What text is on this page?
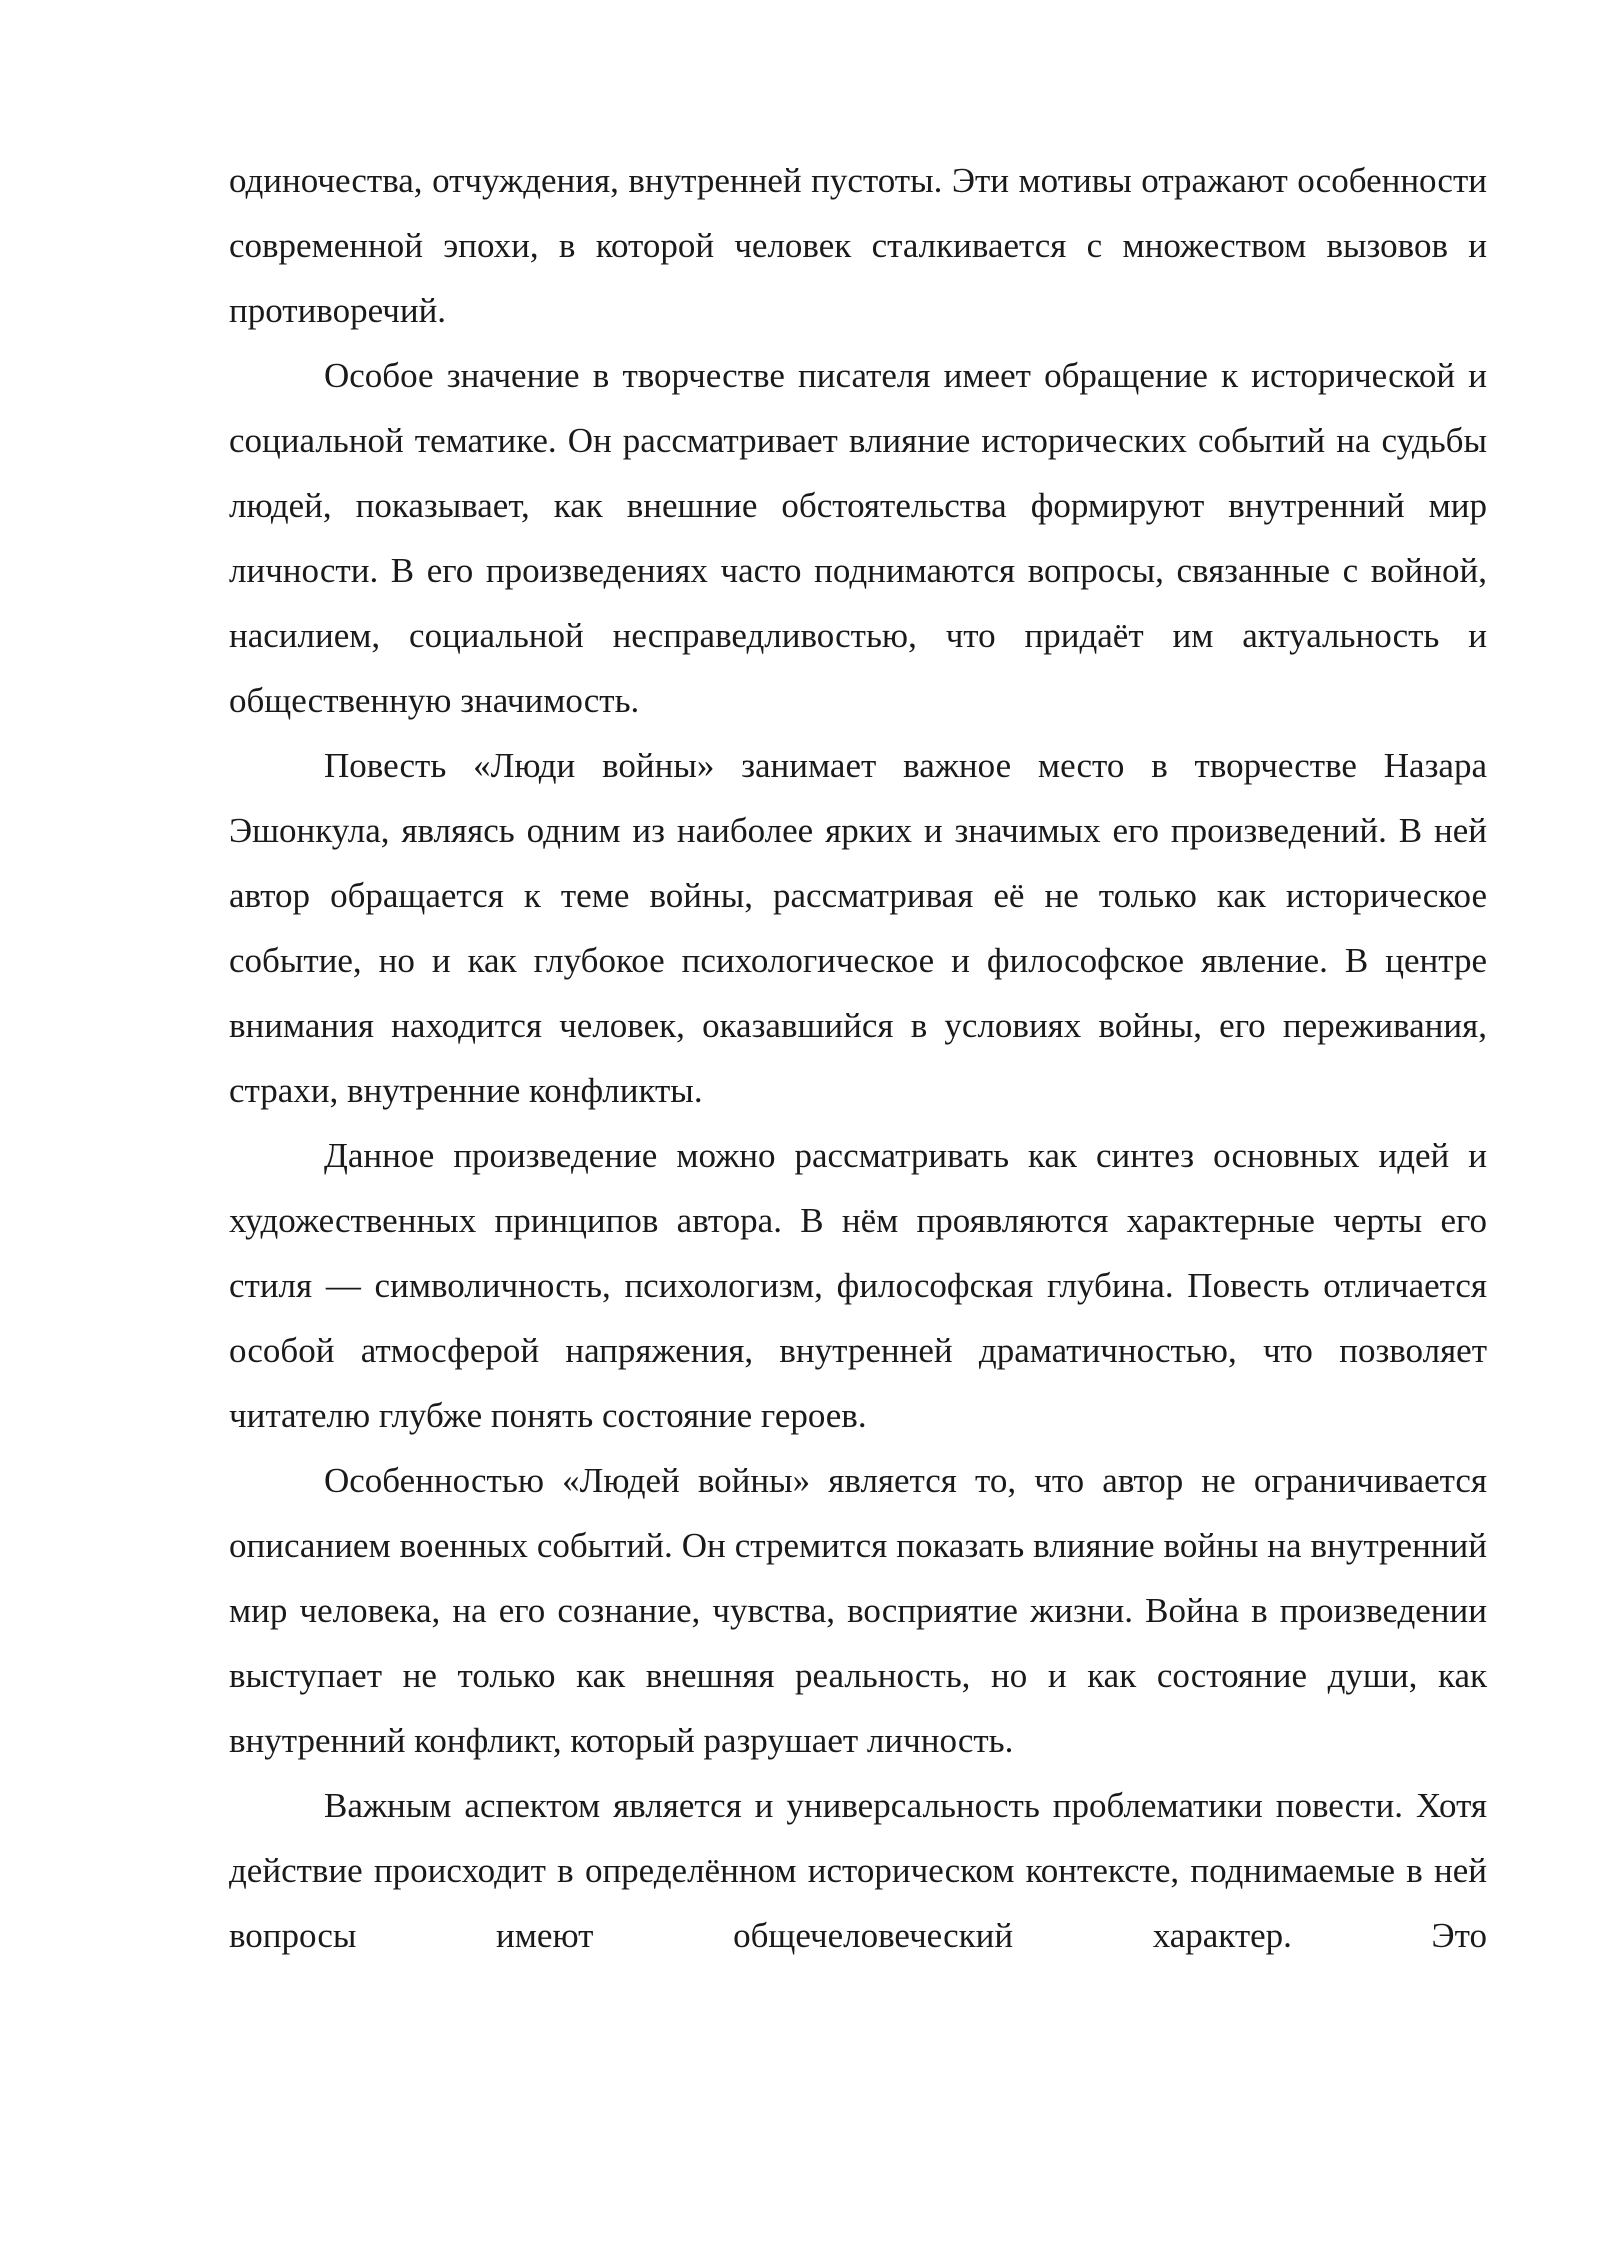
одиночества, отчуждения, внутренней пустоты. Эти мотивы отражают особенности современной эпохи, в которой человек сталкивается с множеством вызовов и противоречий.

Особое значение в творчестве писателя имеет обращение к исторической и социальной тематике. Он рассматривает влияние исторических событий на судьбы людей, показывает, как внешние обстоятельства формируют внутренний мир личности. В его произведениях часто поднимаются вопросы, связанные с войной, насилием, социальной несправедливостью, что придаёт им актуальность и общественную значимость.

Повесть «Люди войны» занимает важное место в творчестве Назара Эшонкула, являясь одним из наиболее ярких и значимых его произведений. В ней автор обращается к теме войны, рассматривая её не только как историческое событие, но и как глубокое психологическое и философское явление. В центре внимания находится человек, оказавшийся в условиях войны, его переживания, страхи, внутренние конфликты.

Данное произведение можно рассматривать как синтез основных идей и художественных принципов автора. В нём проявляются характерные черты его стиля — символичность, психологизм, философская глубина. Повесть отличается особой атмосферой напряжения, внутренней драматичностью, что позволяет читателю глубже понять состояние героев.

Особенностью «Людей войны» является то, что автор не ограничивается описанием военных событий. Он стремится показать влияние войны на внутренний мир человека, на его сознание, чувства, восприятие жизни. Война в произведении выступает не только как внешняя реальность, но и как состояние души, как внутренний конфликт, который разрушает личность.

Важным аспектом является и универсальность проблематики повести. Хотя действие происходит в определённом историческом контексте, поднимаемые в ней вопросы имеют общечеловеческий характер. Это
